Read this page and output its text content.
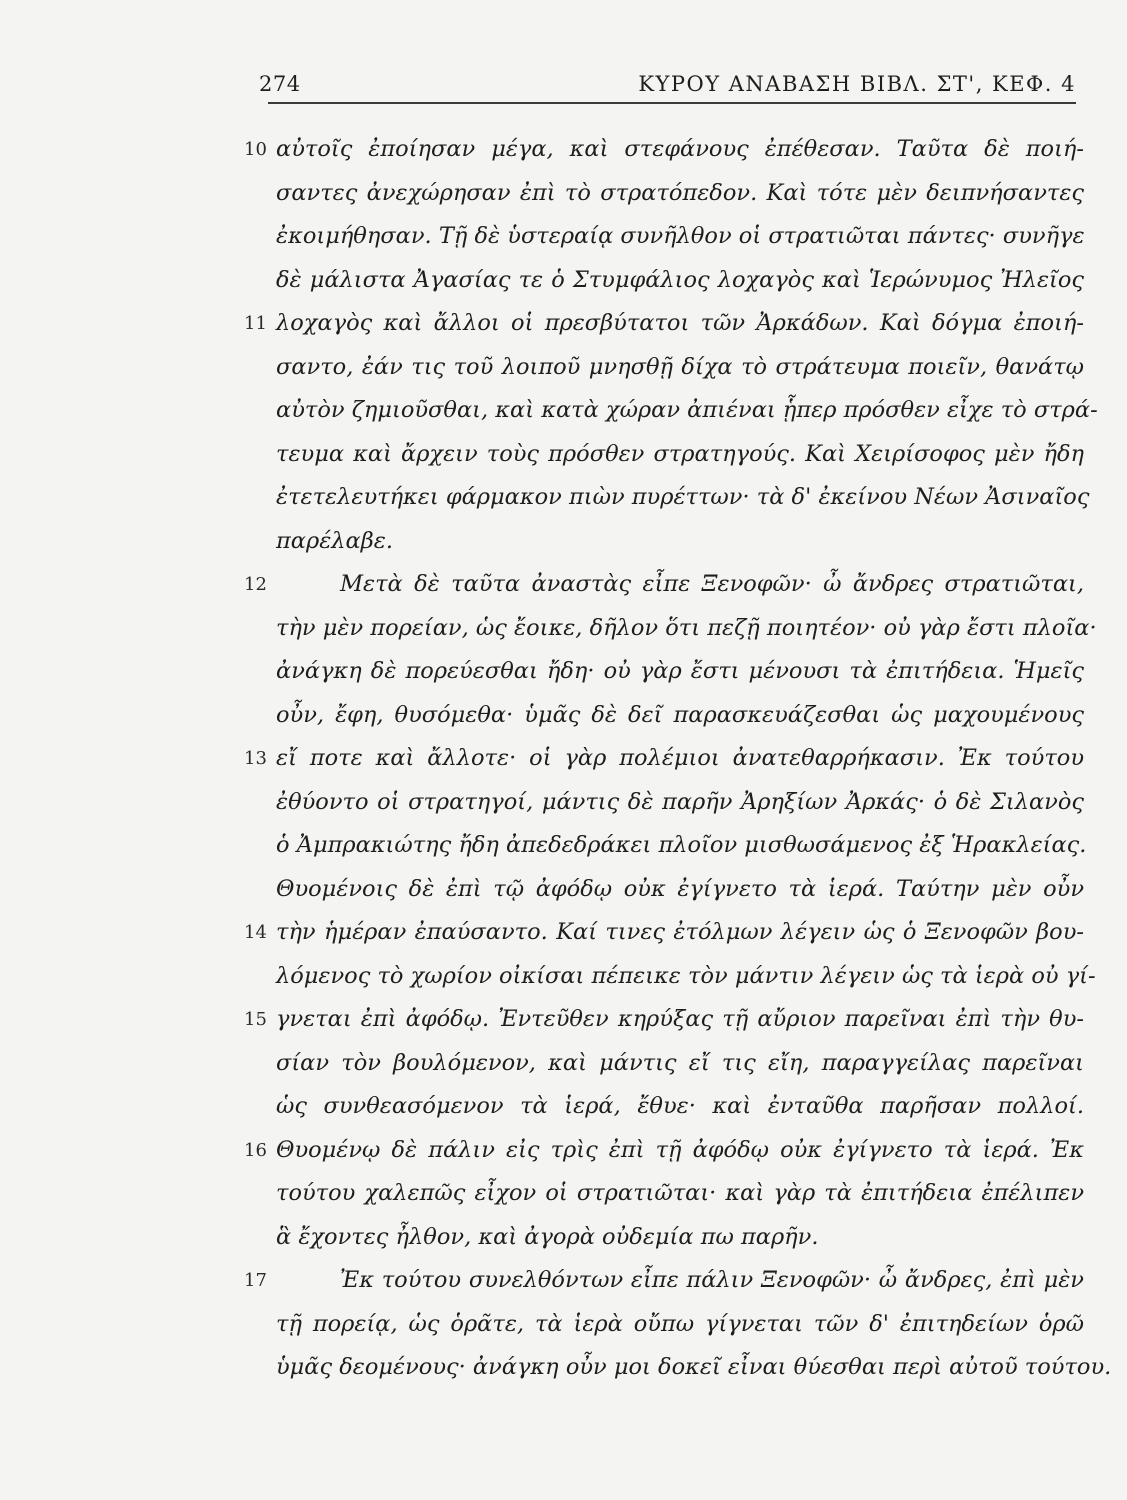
274	ΚΥΡΟΥ ΑΝΑΒΑΣΗ ΒΙΒΛ. ΣΤ', ΚΕΦ. 4
10 αὐτοῖς ἐποίησαν μέγα, καὶ στεφάνους ἐπέθεσαν. Ταῦτα δὲ ποιή-
σαντες ἀνεχώρησαν ἐπὶ τὸ στρατόπεδον. Καὶ τότε μὲν δειπνήσαντες
ἐκοιμήθησαν. Τῇ δὲ ὑστεραίᾳ συνῆλθον οἱ στρατιῶται πάντες· συνῆγε
δὲ μάλιστα Ἀγασίας τε ὁ Στυμφάλιος λοχαγὸς καὶ Ἱερώνυμος Ἠλεῖος
11 λοχαγὸς καὶ ἄλλοι οἱ πρεσβύτατοι τῶν Ἀρκάδων. Καὶ δόγμα ἐποιή-
σαντο, ἐάν τις τοῦ λοιποῦ μνησθῇ δίχα τὸ στράτευμα ποιεῖν, θανάτῳ
αὐτὸν ζημιοῦσθαι, καὶ κατὰ χώραν ἀπιέναι ᾗπερ πρόσθεν εἶχε τὸ στρά-
τευμα καὶ ἄρχειν τοὺς πρόσθεν στρατηγούς. Καὶ Χειρίσοφος μὲν ἤδη
ἐτετελευτήκει φάρμακον πιὼν πυρέττων· τὰ δ' ἐκείνου Νέων Ἀσιναῖος
παρέλαβε.
12	Μετὰ δὲ ταῦτα ἀναστὰς εἶπε Ξενοφῶν· ὦ ἄνδρες στρατιῶται,
τὴν μὲν πορείαν, ὡς ἔοικε, δῆλον ὅτι πεζῇ ποιητέον· οὐ γὰρ ἔστι πλοῖα·
ἀνάγκη δὲ πορεύεσθαι ἤδη· οὐ γὰρ ἔστι μένουσι τὰ ἐπιτήδεια. Ἡμεῖς
οὖν, ἔφη, θυσόμεθα· ὑμᾶς δὲ δεῖ παρασκευάζεσθαι ὡς μαχουμένους
13 εἴ ποτε καὶ ἄλλοτε· οἱ γὰρ πολέμιοι ἀνατεθαρρήκασιν. Ἐκ τούτου
ἐθύοντο οἱ στρατηγοί, μάντις δὲ παρῆν Ἀρηξίων Ἀρκάς· ὁ δὲ Σιλανὸς
ὁ Ἀμπρακιώτης ἤδη ἀπεδεδράκει πλοῖον μισθωσάμενος ἐξ Ἡρακλείας.
Θυομένοις δὲ ἐπὶ τῷ ἀφόδῳ οὐκ ἐγίγνετο τὰ ἱερά. Ταύτην μὲν οὖν
14 τὴν ἡμέραν ἐπαύσαντο. Καί τινες ἐτόλμων λέγειν ὡς ὁ Ξενοφῶν βου-
λόμενος τὸ χωρίον οἰκίσαι πέπεικε τὸν μάντιν λέγειν ὡς τὰ ἱερὰ οὐ γί-
15 γνεται ἐπὶ ἀφόδῳ. Ἐντεῦθεν κηρύξας τῇ αὔριον παρεῖναι ἐπὶ τὴν θυ-
σίαν τὸν βουλόμενον, καὶ μάντις εἴ τις εἴη, παραγγείλας παρεῖναι
ὡς συνθεασόμενον τὰ ἱερά, ἔθυε· καὶ ἐνταῦθα παρῆσαν πολλοί.
16 Θυομένῳ δὲ πάλιν εἰς τρὶς ἐπὶ τῇ ἀφόδῳ οὐκ ἐγίγνετο τὰ ἱερά. Ἐκ
τούτου χαλεπῶς εἶχον οἱ στρατιῶται· καὶ γὰρ τὰ ἐπιτήδεια ἐπέλιπεν
ἃ ἔχοντες ἦλθον, καὶ ἀγορὰ οὐδεμία πω παρῆν.
17	Ἐκ τούτου συνελθόντων εἶπε πάλιν Ξενοφῶν· ὦ ἄνδρες, ἐπὶ μὲν
τῇ πορείᾳ, ὡς ὁρᾶτε, τὰ ἱερὰ οὔπω γίγνεται τῶν δ' ἐπιτηδείων ὁρῶ
ὑμᾶς δεομένους· ἀνάγκη οὖν μοι δοκεῖ εἶναι θύεσθαι περὶ αὐτοῦ τούτου.
